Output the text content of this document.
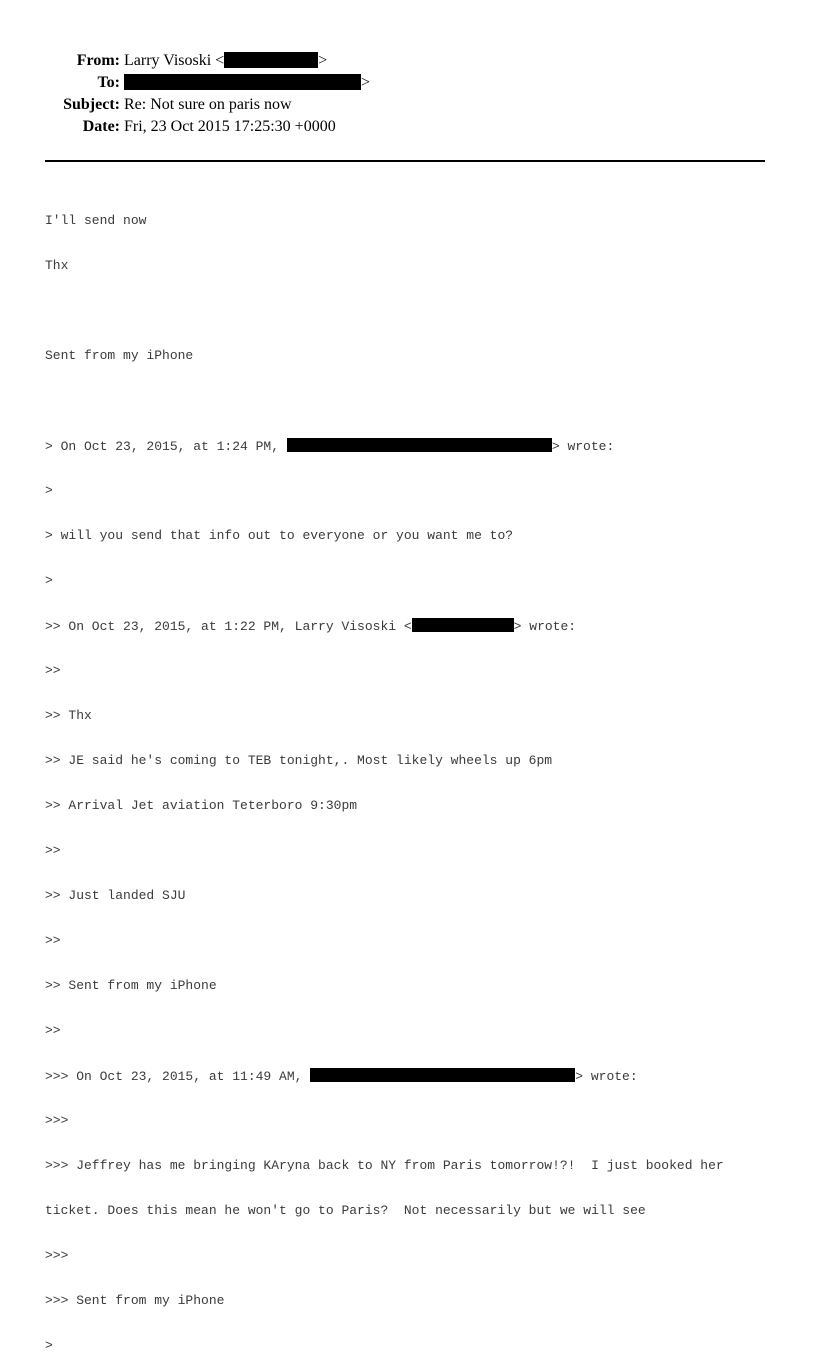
From: Larry Visoski <	>
To:	>
Subject: Re: Not sure on paris now
Date: Fri, 23 Oct 2015 17:25:30 +0000

I'll send now

Thx

Sent from my iPhone

> On Oct 23, 2015, at 1:24 PM,	> wrote:

>

> will you send that info out to everyone or you want me to?

>

>> On Oct 23, 2015, at 1:22 PM, Larry Visoski <	> wrote:

>>

>> Thx

>> JE said he's coming to TEB tonight,. Most likely wheels up 6pm

>> Arrival Jet aviation Teterboro 9:30pm

>>

>> Just landed SJU

>>

>> Sent from my iPhone

>>

>>> On Oct 23, 2015, at 11:49 AM,	> wrote:

>>>

>>> Jeffrey has me bringing KAryna back to NY from Paris tomorrow!?!  I just booked her

ticket. Does this mean he won't go to Paris?  Not necessarily but we will see

>>>

>>> Sent from my iPhone

>
